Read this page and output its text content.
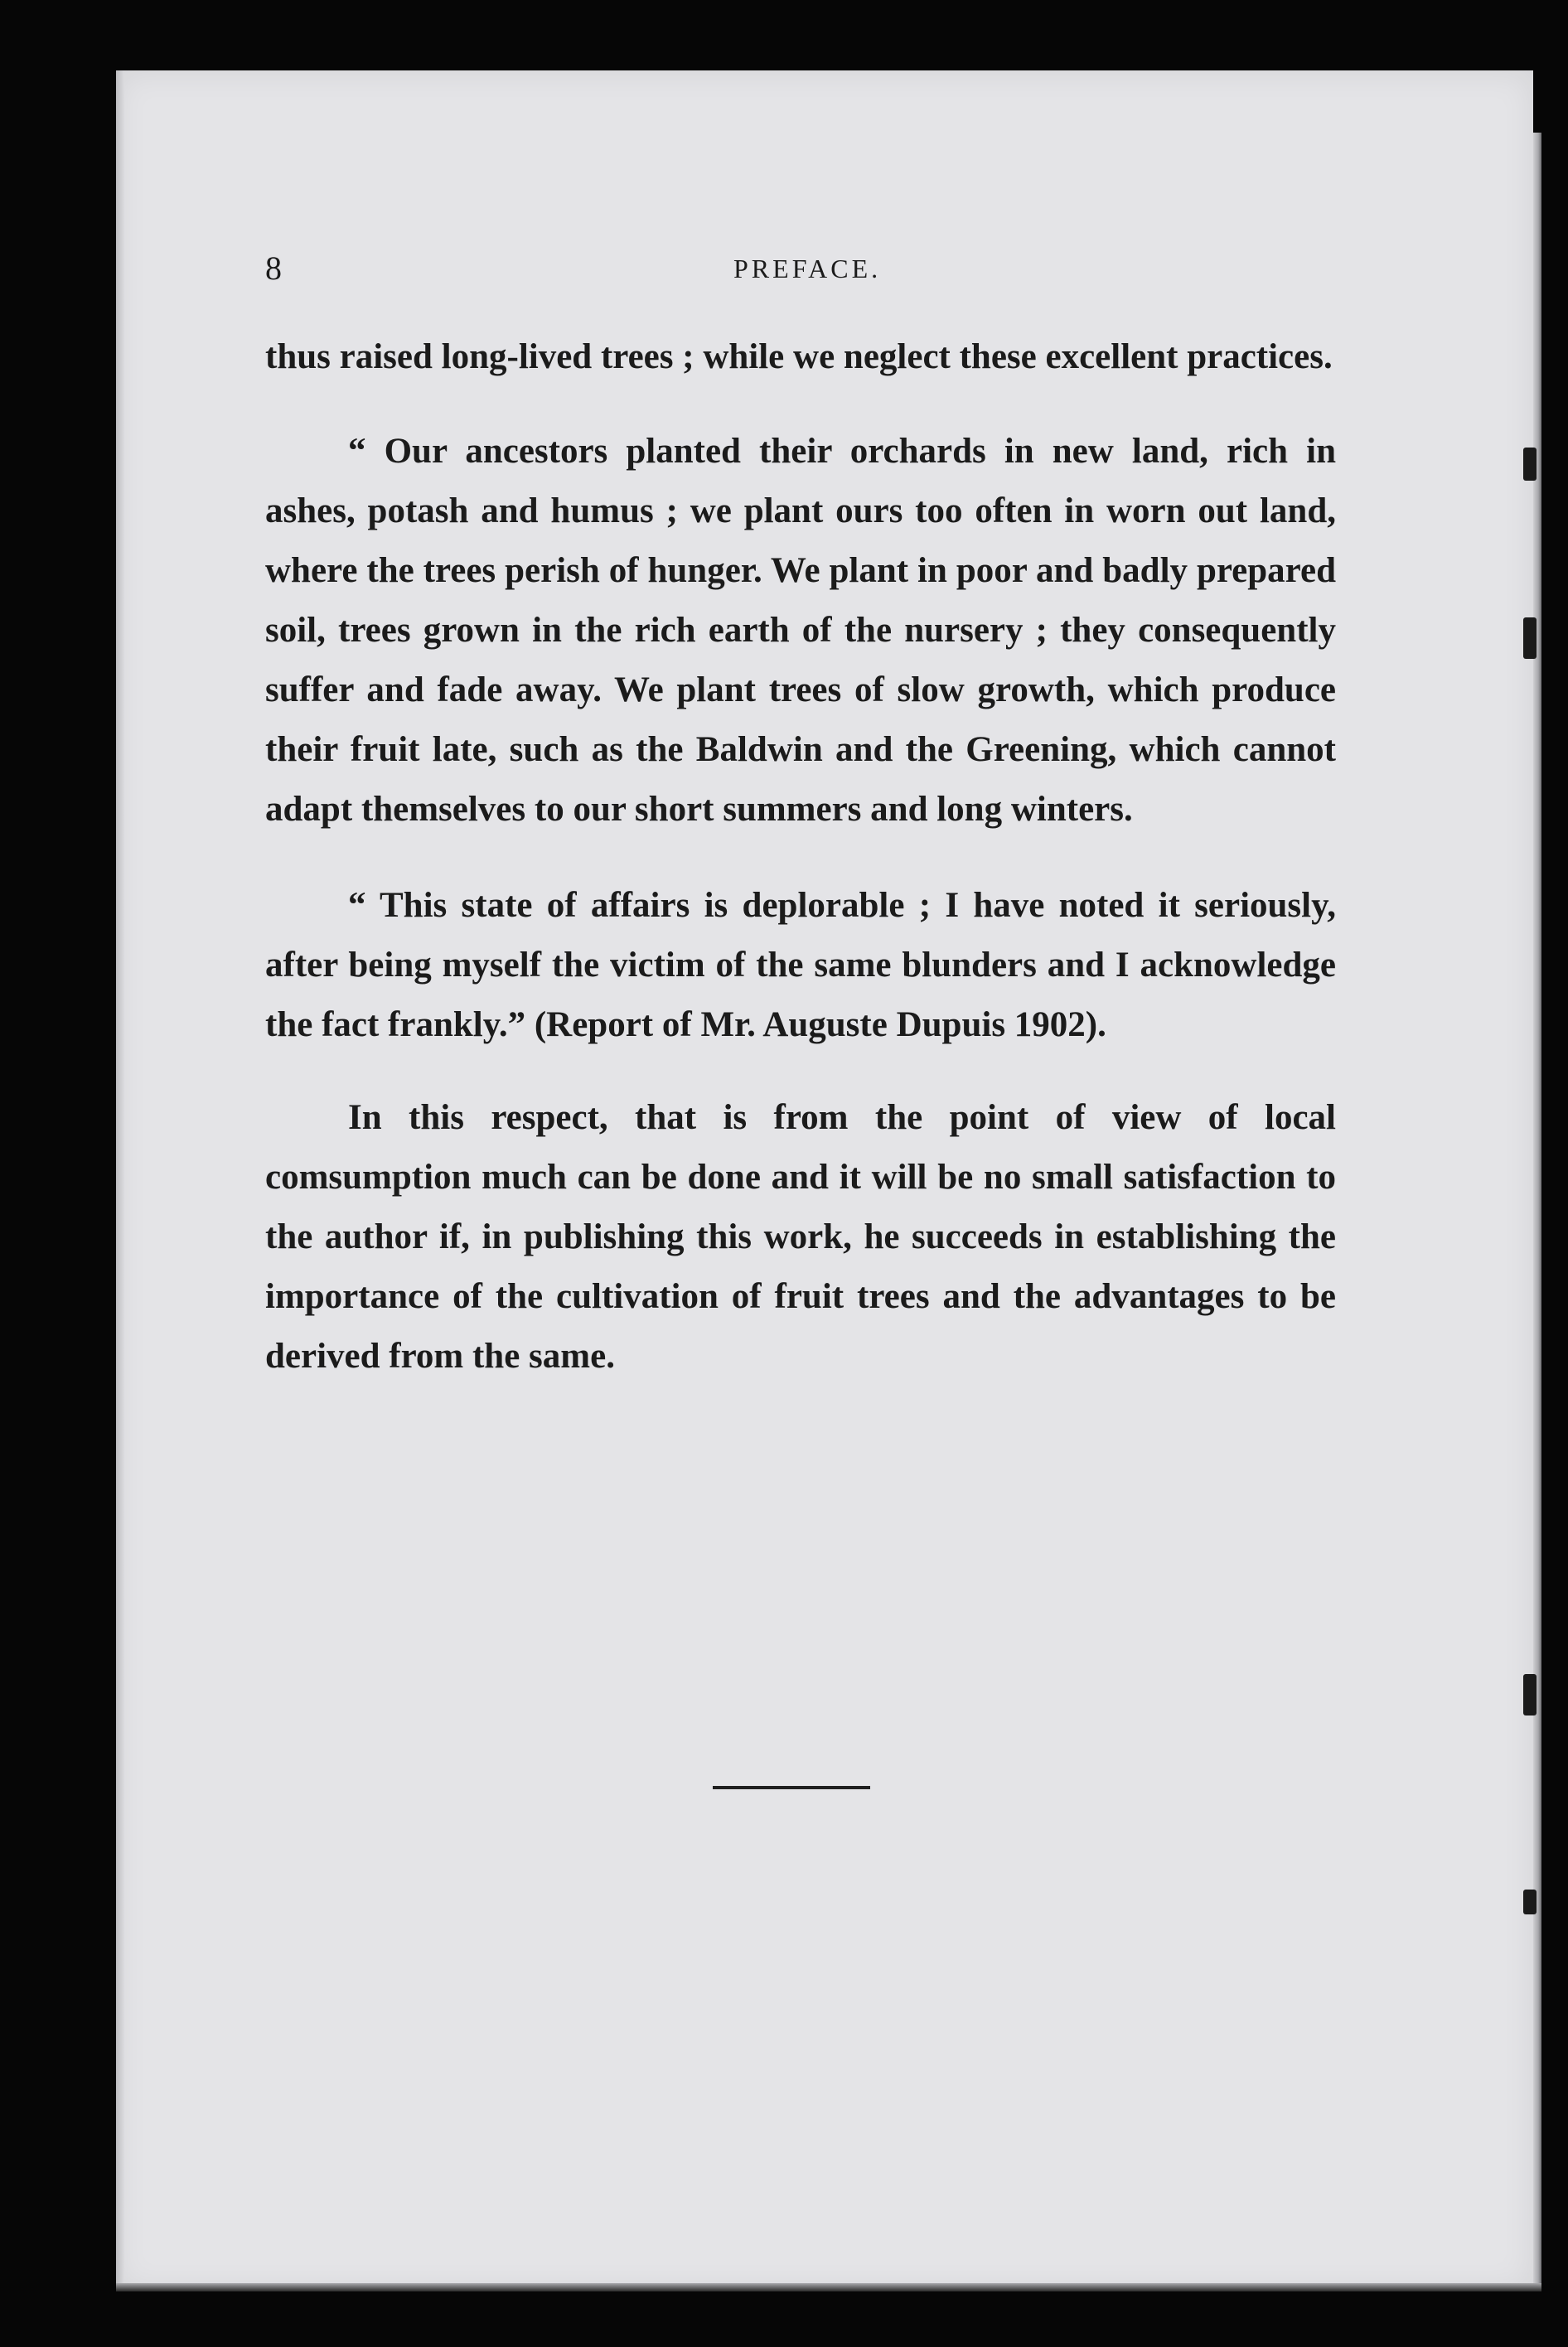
8	PREFACE.

thus raised long-lived trees ; while we neglect these excellent practices.

“ Our ancestors planted their orchards in new land, rich in ashes, potash and humus ; we plant ours too often in worn out land, where the trees perish of hunger. We plant in poor and badly prepared soil, trees grown in the rich earth of the nursery ; they consequently suffer and fade away. We plant trees of slow growth, which produce their fruit late, such as the Baldwin and the Greening, which cannot adapt themselves to our short summers and long winters.

“ This state of affairs is deplorable ; I have noted it seriously, after being myself the victim of the same blunders and I acknowledge the fact frankly.” (Report of Mr. Auguste Dupuis 1902).

In this respect, that is from the point of view of local comsumption much can be done and it will be no small satisfaction to the author if, in publishing this work, he succeeds in establishing the importance of the cultivation of fruit trees and the advantages to be derived from the same.
